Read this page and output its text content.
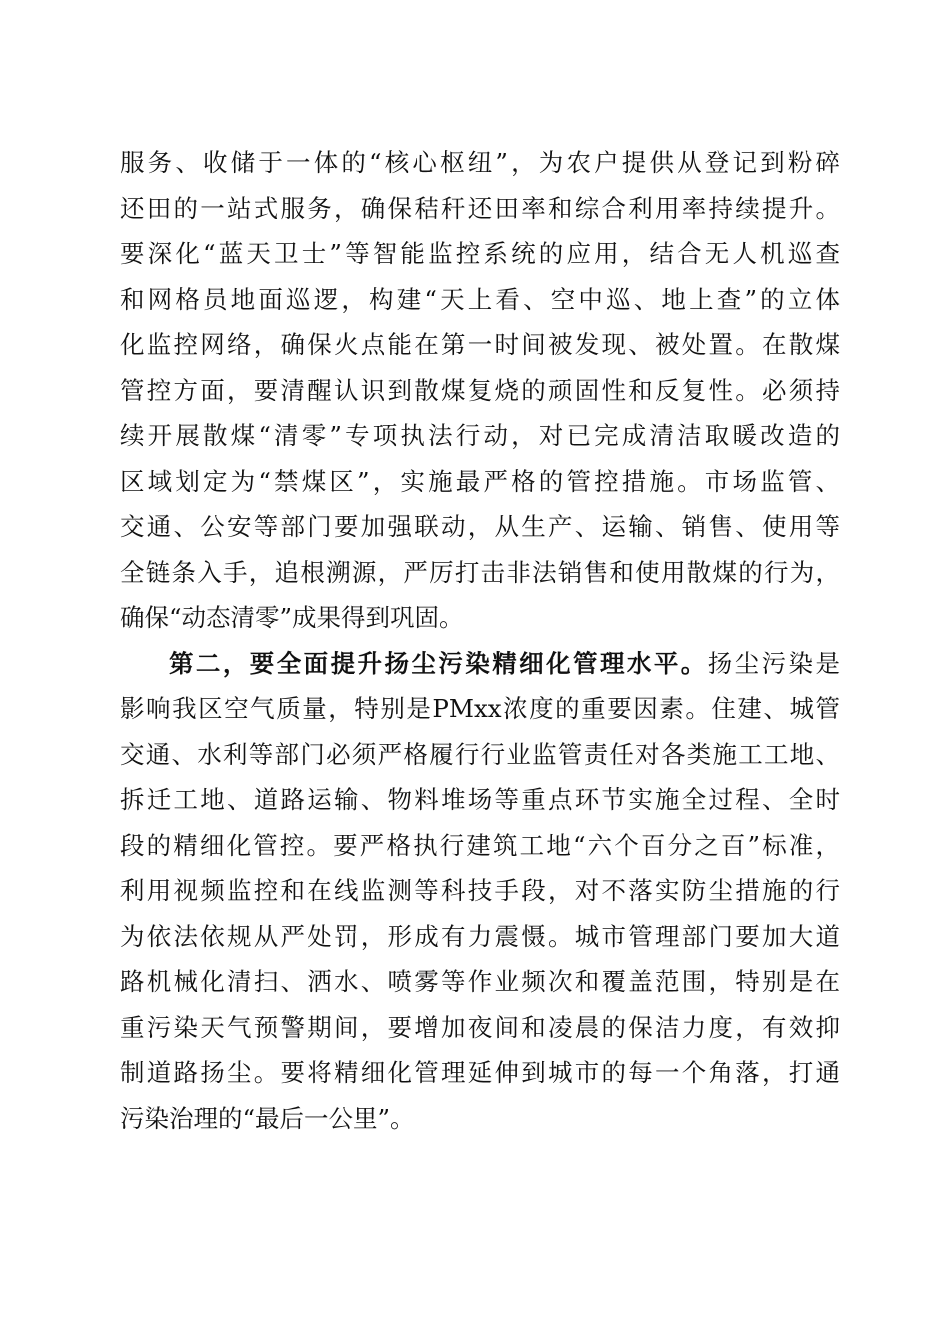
服务、收储于一体的“核心枢纽”，为农户提供从登记到粉碎
还田的一站式服务，确保秸秆还田率和综合利用率持续提升。
要深化“蓝天卫士”等智能监控系统的应用，结合无人机巡查
和网格员地面巡逻，构建“天上看、空中巡、地上查”的立体
化监控网络，确保火点能在第一时间被发现、被处置。在散煤
管控方面，要清醒认识到散煤复烧的顽固性和反复性。必须持
续开展散煤“清零”专项执法行动，对已完成清洁取暖改造的
区域划定为“禁煤区”，实施最严格的管控措施。市场监管、
交通、公安等部门要加强联动，从生产、运输、销售、使用等
全链条入手，追根溯源，严厉打击非法销售和使用散煤的行为，
确保“动态清零”成果得到巩固。
第二，要全面提升扬尘污染精细化管理水平。扬尘污染是
影响我区空气质量，特别是PMxx浓度的重要因素。住建、城管
交通、水利等部门必须严格履行行业监管责任对各类施工工地、
拆迁工地、道路运输、物料堆场等重点环节实施全过程、全时
段的精细化管控。要严格执行建筑工地“六个百分之百”标准，
利用视频监控和在线监测等科技手段，对不落实防尘措施的行
为依法依规从严处罚，形成有力震慑。城市管理部门要加大道
路机械化清扫、洒水、喷雾等作业频次和覆盖范围，特别是在
重污染天气预警期间，要增加夜间和凌晨的保洁力度，有效抑
制道路扬尘。要将精细化管理延伸到城市的每一个角落，打通
污染治理的“最后一公里”。
